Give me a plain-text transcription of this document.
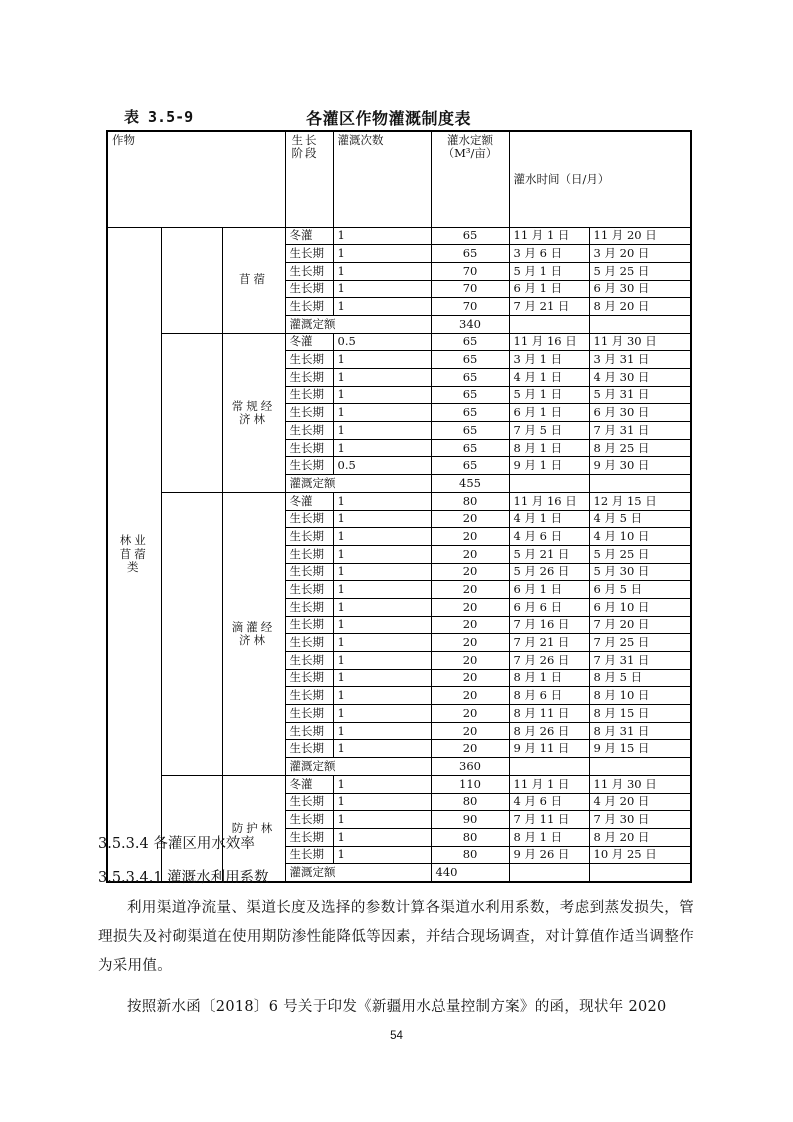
表 3.5-9	各灌区作物灌溉制度表
作物			生长阶段	灌溉次数	灌水定额（M³/亩）	灌水时间（日/月）	
林业苜蓿类		苜蓿	冬灌	1	65	11 月 1 日	11 月 20 日	
			生长期	1	65	3 月 6 日	3 月 20 日	
			生长期	1	70	5 月 1 日	5 月 25 日	
			生长期	1	70	6 月 1 日	6 月 30 日	
			生长期	1	70	7 月 21 日	8 月 20 日	
			灌溉定额		340			
		常规经济林	冬灌	0.5	65	11 月 16 日	11 月 30 日	
			生长期	1	65	3 月 1 日	3 月 31 日	
			生长期	1	65	4 月 1 日	4 月 30 日	
			生长期	1	65	5 月 1 日	5 月 31 日	
			生长期	1	65	6 月 1 日	6 月 30 日	
			生长期	1	65	7 月 5 日	7 月 31 日	
			生长期	1	65	8 月 1 日	8 月 25 日	
			生长期	0.5	65	9 月 1 日	9 月 30 日	
			灌溉定额		455			
		滴灌经济林	冬灌	1	80	11 月 16 日	12 月 15 日	
			生长期	1	20	4 月 1 日	4 月 5 日	
			生长期	1	20	4 月 6 日	4 月 10 日	
			生长期	1	20	5 月 21 日	5 月 25 日	
			生长期	1	20	5 月 26 日	5 月 30 日	
			生长期	1	20	6 月 1 日	6 月 5 日	
			生长期	1	20	6 月 6 日	6 月 10 日	
			生长期	1	20	7 月 16 日	7 月 20 日	
			生长期	1	20	7 月 21 日	7 月 25 日	
			生长期	1	20	7 月 26 日	7 月 31 日	
			生长期	1	20	8 月 1 日	8 月 5 日	
			生长期	1	20	8 月 6 日	8 月 10 日	
			生长期	1	20	8 月 11 日	8 月 15 日	
			生长期	1	20	8 月 26 日	8 月 31 日	
			生长期	1	20	9 月 11 日	9 月 15 日	
			灌溉定额		360			
		防护林	冬灌	1	110	11 月 1 日	11 月 30 日	
			生长期	1	80	4 月 6 日	4 月 20 日	
			生长期	1	90	7 月 11 日	7 月 30 日	
			生长期	1	80	8 月 1 日	8 月 20 日	
			生长期	1	80	9 月 26 日	10 月 25 日	
			灌溉定额		440			
3.5.3.4 各灌区用水效率
3.5.3.4.1 灌溉水利用系数
利用渠道净流量、渠道长度及选择的参数计算各渠道水利用系数，考虑到蒸发损失，管理损失及衬砌渠道在使用期防渗性能降低等因素，并结合现场调查，对计算值作适当调整作为采用值。
按照新水函〔2018〕6 号关于印发《新疆用水总量控制方案》的函，现状年 2020
54
